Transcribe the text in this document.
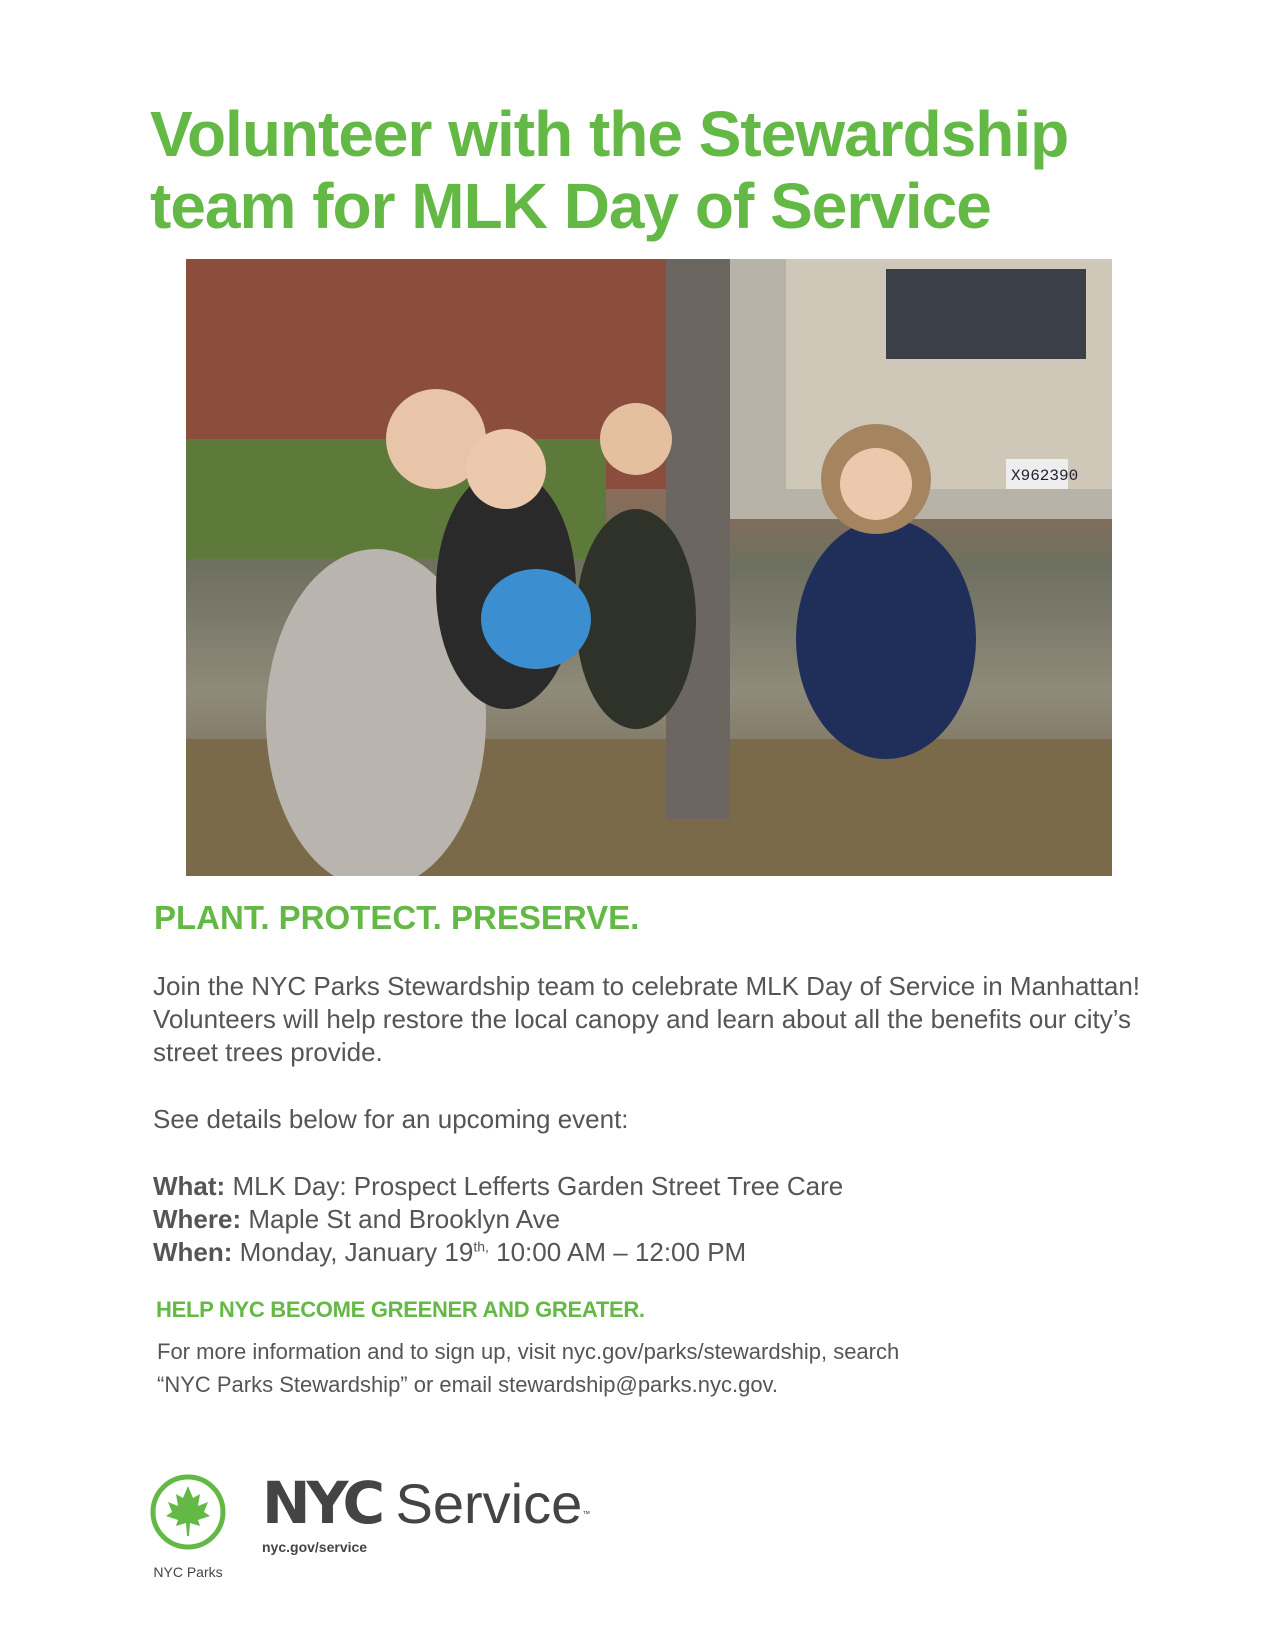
Volunteer with the Stewardship
team for MLK Day of Service
X962390
PLANT. PROTECT. PRESERVE.
Join the NYC Parks Stewardship team to celebrate MLK Day of Service in Manhattan! Volunteers will help restore the local canopy and learn about all the benefits our city’s street trees provide.
See details below for an upcoming event:
What: MLK Day: Prospect Lefferts Garden Street Tree Care
Where: Maple St and Brooklyn Ave
When: Monday, January $19^{th,}$ 10:00 AM – 12:00 PM
HELP NYC BECOME GREENER AND GREATER.
For more information and to sign up, visit nyc.gov/parks/stewardship, search
“NYC Parks Stewardship” or email stewardship@parks.nyc.gov.
NYC Parks
NYC Service™
nyc.gov/service
